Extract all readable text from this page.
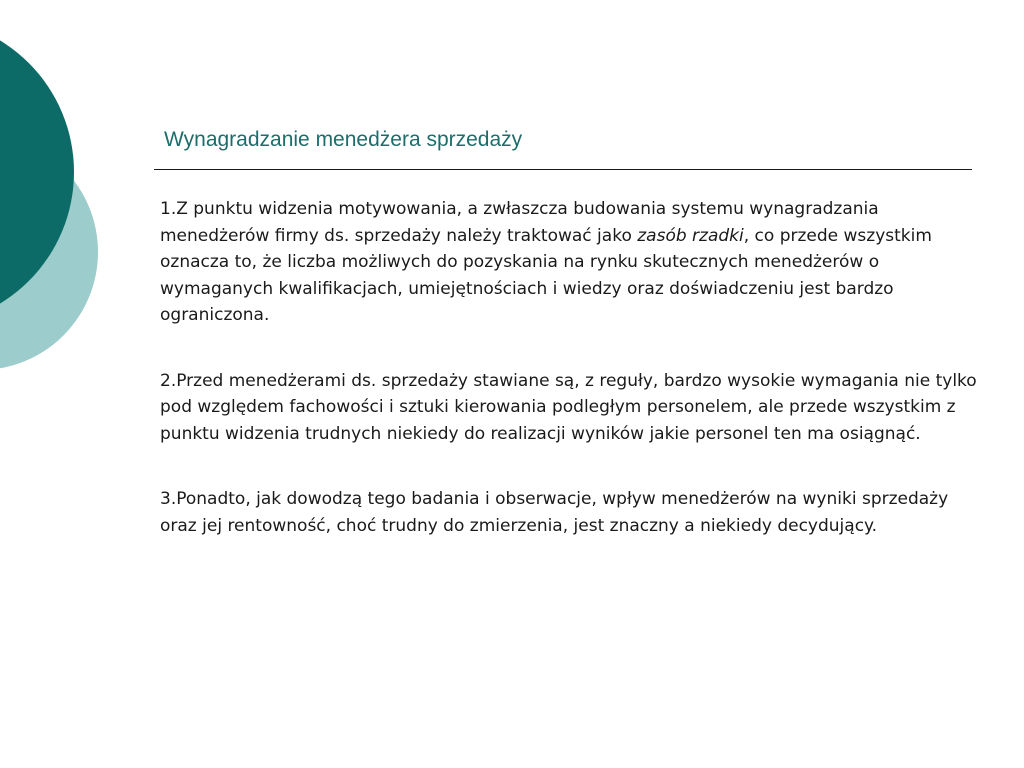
Wynagradzanie menedżera sprzedaży

1.Z punktu widzenia motywowania, a zwłaszcza budowania systemu wynagradzania menedżerów firmy ds. sprzedaży należy traktować jako zasób rzadki, co przede wszystkim oznacza to, że liczba możliwych do pozyskania na rynku skutecznych menedżerów o wymaganych kwalifikacjach, umiejętnościach i wiedzy oraz doświadczeniu jest bardzo ograniczona.

2.Przed menedżerami ds. sprzedaży stawiane są, z reguły, bardzo wysokie wymagania nie tylko pod względem fachowości i sztuki kierowania podległym personelem, ale przede wszystkim z punktu widzenia trudnych niekiedy do realizacji wyników jakie personel ten ma osiągnąć.

3.Ponadto, jak dowodzą tego badania i obserwacje, wpływ menedżerów na wyniki sprzedaży oraz jej rentowność, choć trudny do zmierzenia, jest znaczny a niekiedy decydujący.
